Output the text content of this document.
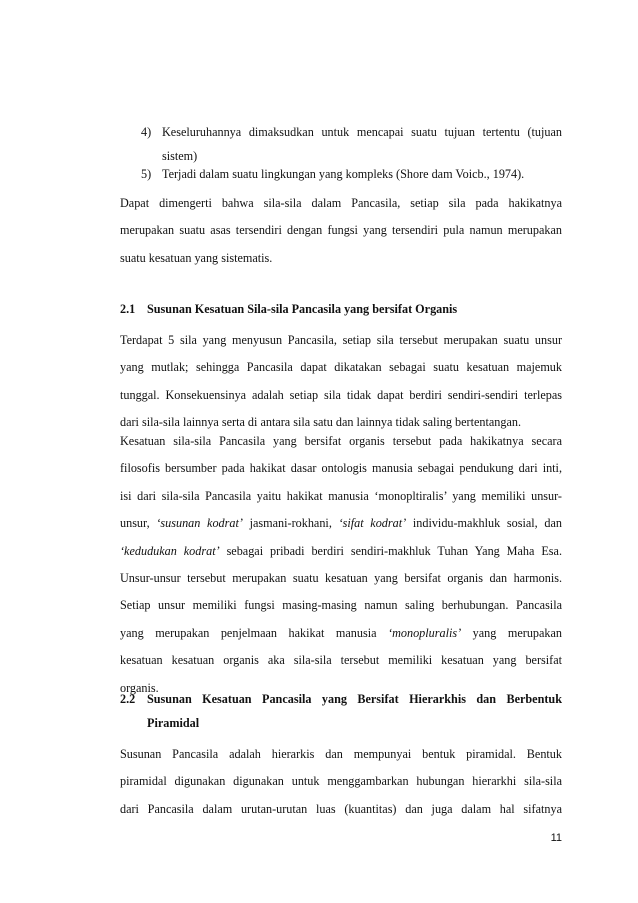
4) Keseluruhannya dimaksudkan untuk mencapai suatu tujuan tertentu (tujuan
sistem)
5) Terjadi dalam suatu lingkungan yang kompleks (Shore dam Voicb., 1974).
Dapat dimengerti bahwa sila-sila dalam Pancasila, setiap sila pada hakikatnya
merupakan suatu asas tersendiri dengan fungsi yang tersendiri pula namun merupakan
suatu kesatuan yang sistematis.
2.1 Susunan Kesatuan Sila-sila Pancasila yang bersifat Organis
Terdapat 5 sila yang menyusun Pancasila, setiap sila tersebut merupakan suatu unsur
yang mutlak; sehingga Pancasila dapat dikatakan sebagai suatu kesatuan majemuk
tunggal. Konsekuensinya adalah setiap sila tidak dapat berdiri sendiri-sendiri terlepas
dari sila-sila lainnya serta di antara sila satu dan lainnya tidak saling bertentangan.
Kesatuan sila-sila Pancasila yang bersifat organis tersebut pada hakikatnya secara
filosofis bersumber pada hakikat dasar ontologis manusia sebagai pendukung dari inti,
isi dari sila-sila Pancasila yaitu hakikat manusia ‘monopltiralis’ yang memiliki unsur-
unsur, ‘susunan kodrat’ jasmani-rokhani, ‘sifat kodrat’ individu-makhluk sosial, dan
‘kedudukan kodrat’ sebagai pribadi berdiri sendiri-makhluk Tuhan Yang Maha Esa.
Unsur-unsur tersebut merupakan suatu kesatuan yang bersifat organis dan harmonis.
Setiap unsur memiliki fungsi masing-masing namun saling berhubungan. Pancasila
yang merupakan penjelmaan hakikat manusia ‘monopluralis’ yang merupakan
kesatuan kesatuan organis aka sila-sila tersebut memiliki kesatuan yang bersifat
organis.
2.2 Susunan Kesatuan Pancasila yang Bersifat Hierarkhis dan Berbentuk
Piramidal
Susunan Pancasila adalah hierarkis dan mempunyai bentuk piramidal. Bentuk
piramidal digunakan digunakan untuk menggambarkan hubungan hierarkhi sila-sila
dari Pancasila dalam urutan-urutan luas (kuantitas) dan juga dalam hal sifatnya
11
